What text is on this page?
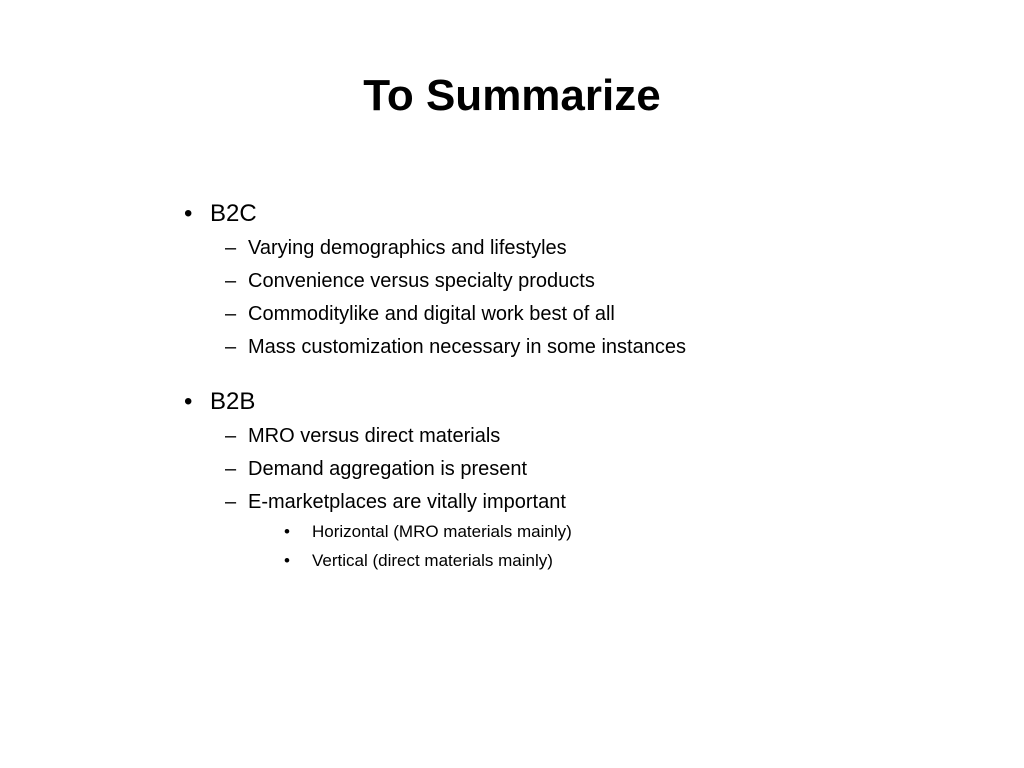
To Summarize
• B2C
– Varying demographics and lifestyles
– Convenience versus specialty products
– Commoditylike and digital work best of all
– Mass customization necessary in some instances
• B2B
– MRO versus direct materials
– Demand aggregation is present
– E-marketplaces are vitally important
• Horizontal (MRO materials mainly)
• Vertical (direct materials mainly)
